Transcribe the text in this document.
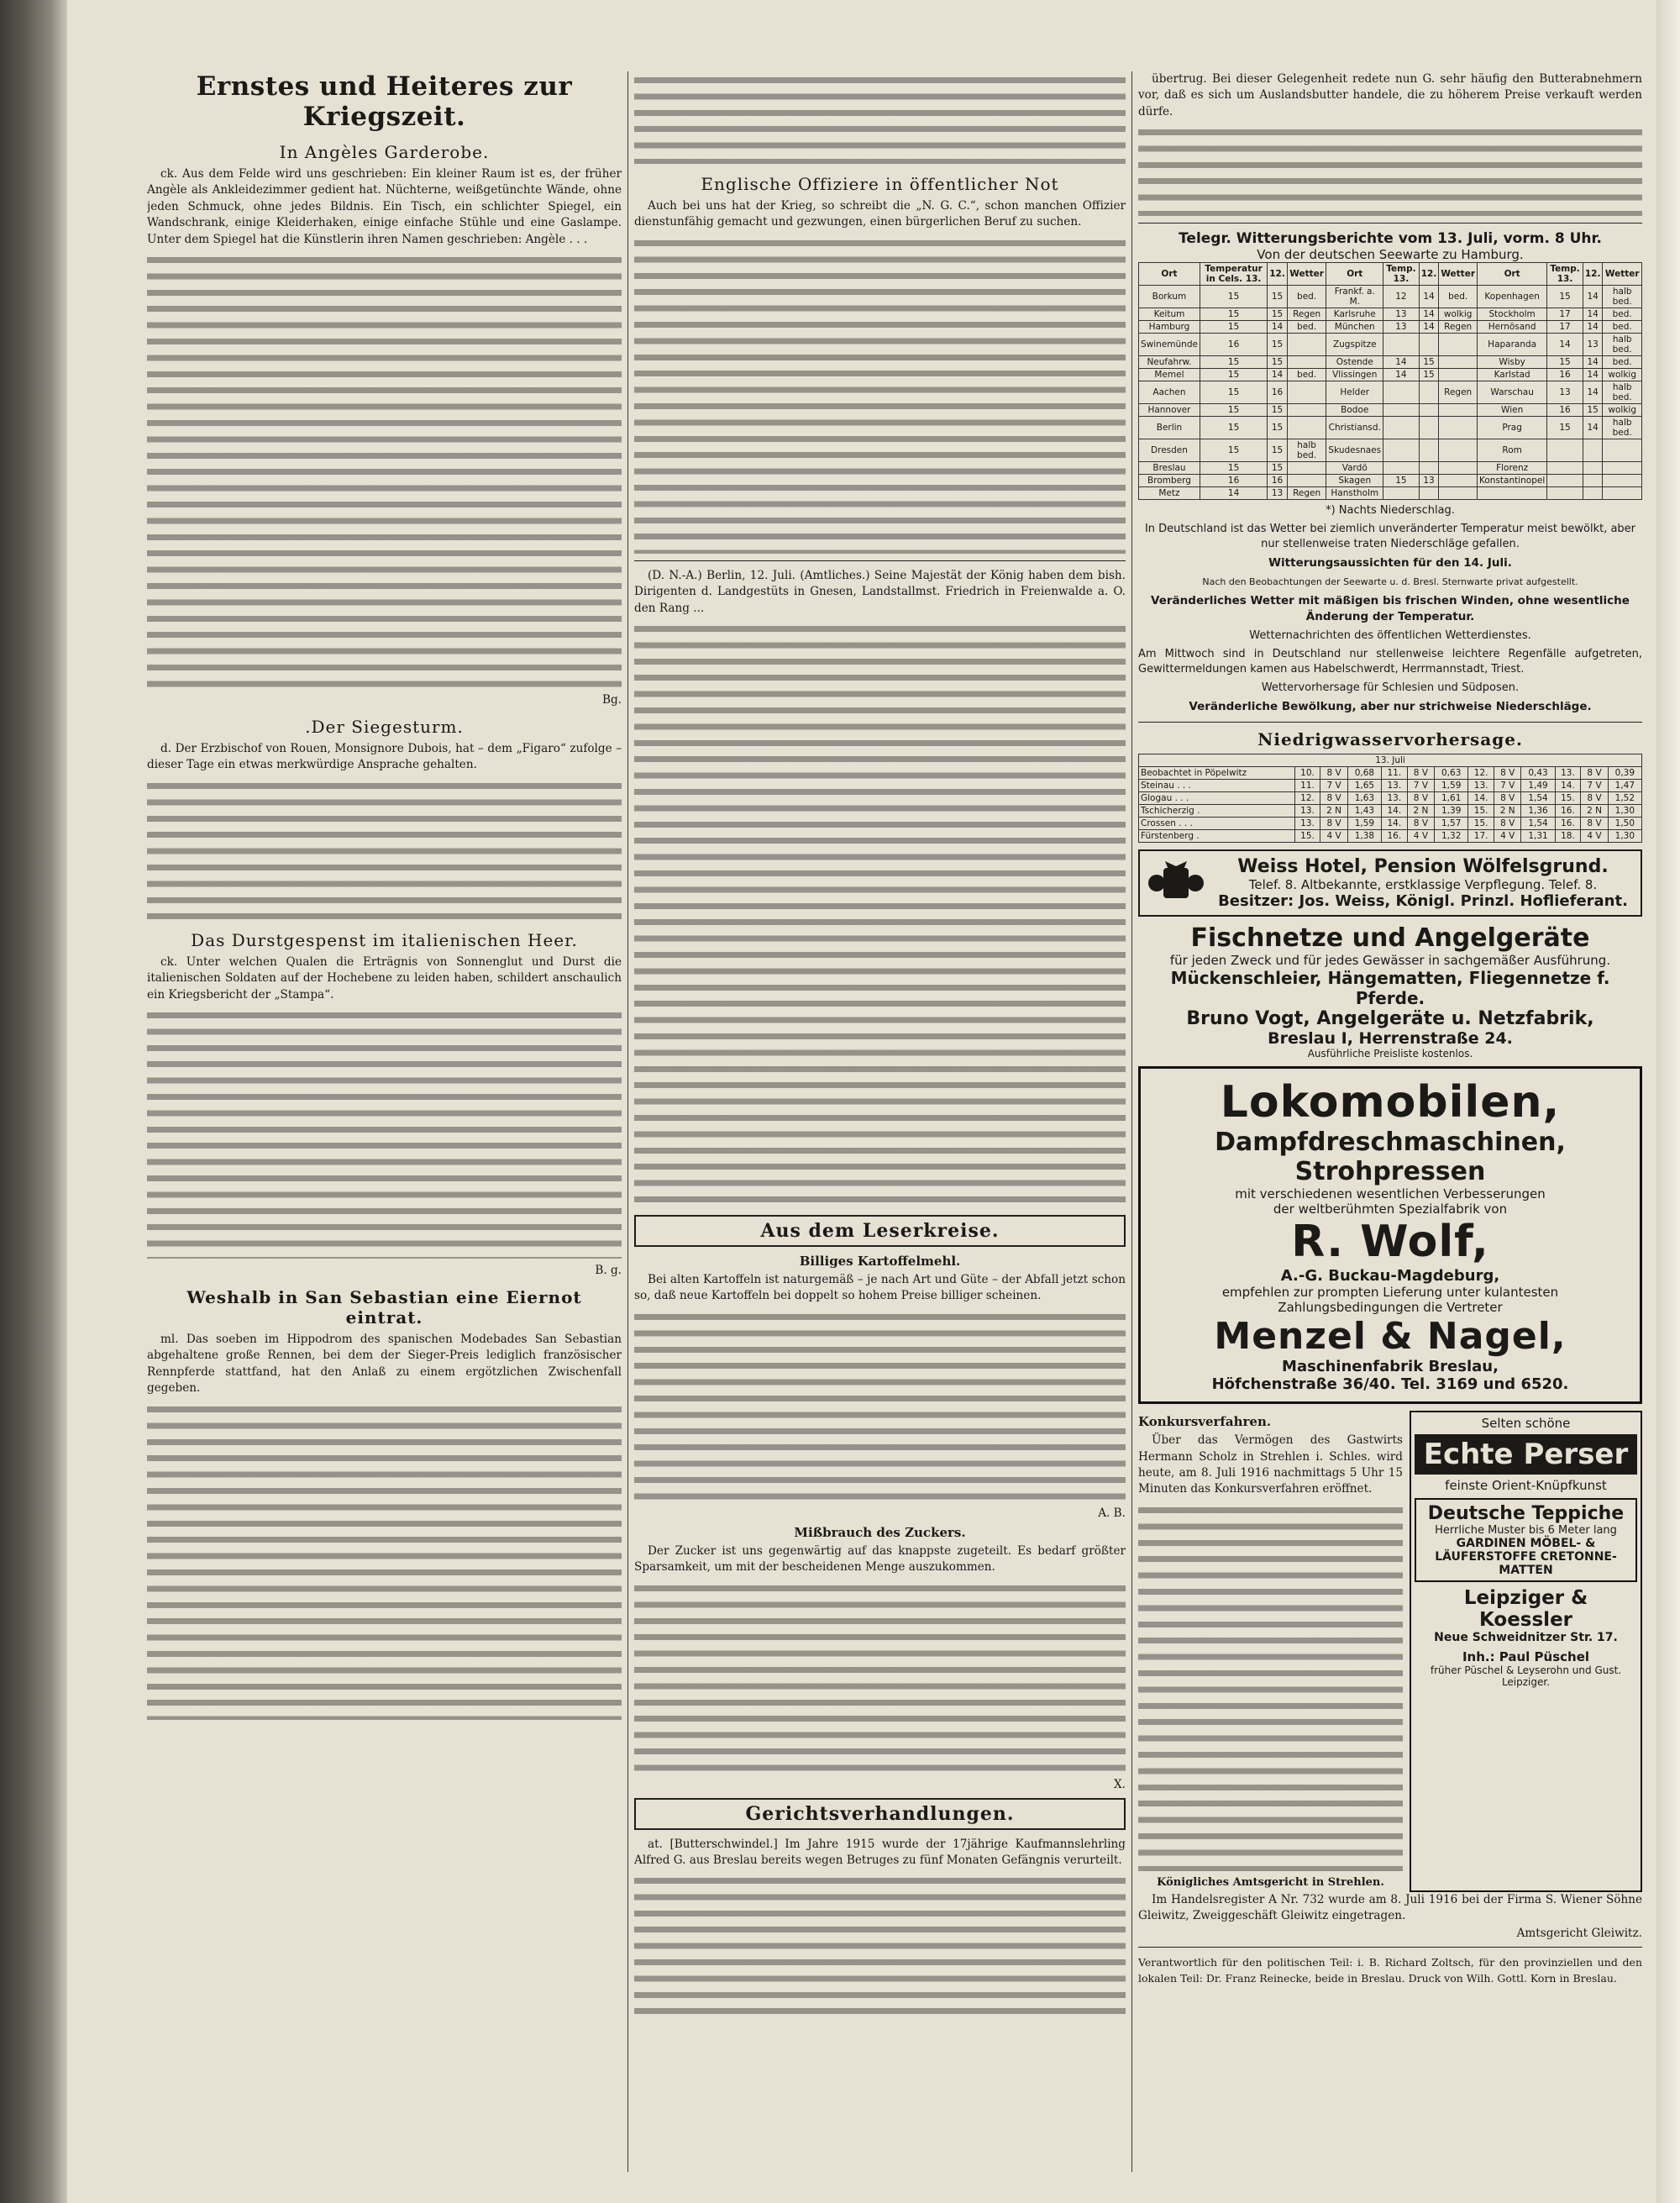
Ernstes und Heiteres zur Kriegszeit.
In Angèles Garderobe.

ck. Aus dem Felde wird uns geschrieben: Ein kleiner Raum ist es, der früher Angèle als Ankleidezimmer gedient hat. Nüchterne, weißgetünchte Wände, ohne jeden Schmuck, ohne jedes Bildnis. Ein Tisch, ein schlichter Spiegel, ein Wandschrank, einige Kleiderhaken, einige einfache Stühle und eine Gaslampe. Unter dem Spiegel hat die Künstlerin ihren Namen geschrieben: Angèle . . .

Bg.
.Der Siegesturm.

d. Der Erzbischof von Rouen, Monsignore Dubois, hat – dem „Figaro“ zufolge – dieser Tage ein etwas merkwürdige Ansprache gehalten.

Das Durstgespenst im italienischen Heer.

ck. Unter welchen Qualen die Erträgnis von Sonnenglut und Durst die italienischen Soldaten auf der Hochebene zu leiden haben, schildert anschaulich ein Kriegsbericht der „Stampa“.

B. g.
Weshalb in San Sebastian eine Eiernot eintrat.

ml. Das soeben im Hippodrom des spanischen Modebades San Sebastian abgehaltene große Rennen, bei dem der Sieger-Preis lediglich französischer Rennpferde stattfand, hat den Anlaß zu einem ergötzlichen Zwischenfall gegeben.

Englische Offiziere in öffentlicher Not

Auch bei uns hat der Krieg, so schreibt die „N. G. C.“, schon manchen Offizier dienstunfähig gemacht und gezwungen, einen bürgerlichen Beruf zu suchen.

(D. N.-A.) Berlin, 12. Juli. (Amtliches.) Seine Majestät der König haben dem bish. Dirigenten d. Landgestüts in Gnesen, Landstallmst. Friedrich in Freienwalde a. O. den Rang ...

Aus dem Leserkreise.
Billiges Kartoffelmehl.

Bei alten Kartoffeln ist naturgemäß – je nach Art und Güte – der Abfall jetzt schon so, daß neue Kartoffeln bei doppelt so hohem Preise billiger scheinen.

A. B.
Mißbrauch des Zuckers.

Der Zucker ist uns gegenwärtig auf das knappste zugeteilt. Es bedarf größter Sparsamkeit, um mit der bescheidenen Menge auszukommen.

X.
Gerichtsverhandlungen.

at. [Butterschwindel.] Im Jahre 1915 wurde der 17jährige Kaufmannslehrling Alfred G. aus Breslau bereits wegen Betruges zu fünf Monaten Gefängnis verurteilt.

übertrug. Bei dieser Gelegenheit redete nun G. sehr häufig den Butterabnehmern vor, daß es sich um Auslandsbutter handele, die zu höherem Preise verkauft werden dürfe.

Telegr. Witterungsberichte vom 13. Juli, vorm. 8 Uhr.
Von der deutschen Seewarte zu Hamburg.
Ort	Temperatur in Cels. 13.	12.	Wetter	Ort	Temp. 13.	12.	Wetter	Ort	Temp. 13.	12.	Wetter
Borkum	15	15	bed.	Frankf. a. M.	12	14	bed.	Kopenhagen	15	14	halb bed.
Keitum	15	15	Regen	Karlsruhe	13	14	wolkig	Stockholm	17	14	bed.
Hamburg	15	14	bed.	München	13	14	Regen	Hernösand	17	14	bed.
Swinemünde	16	15		Zugspitze				Haparanda	14	13	halb bed.
Neufahrw.	15	15		Ostende	14	15		Wisby	15	14	bed.
Memel	15	14	bed.	Vlissingen	14	15		Karlstad	16	14	wolkig
Aachen	15	16		Helder			Regen	Warschau	13	14	halb bed.
Hannover	15	15		Bodoe				Wien	16	15	wolkig
Berlin	15	15		Christiansd.				Prag	15	14	halb bed.
Dresden	15	15	halb bed.	Skudesnaes				Rom			
Breslau	15	15		Vardö				Florenz			
Bromberg	16	16		Skagen	15	13		Konstantinopel			
Metz	14	13	Regen	Hanstholm							
*) Nachts Niederschlag.
In Deutschland ist das Wetter bei ziemlich unveränderter Temperatur meist bewölkt, aber nur stellenweise traten Niederschläge gefallen.
Witterungsaussichten für den 14. Juli.
Nach den Beobachtungen der Seewarte u. d. Bresl. Sternwarte privat aufgestellt.
Veränderliches Wetter mit mäßigen bis frischen Winden, ohne wesentliche Änderung der Temperatur.
Wetternachrichten des öffentlichen Wetterdienstes.
Am Mittwoch sind in Deutschland nur stellenweise leichtere Regenfälle aufgetreten, Gewittermeldungen kamen aus Habelschwerdt, Herrmannstadt, Triest.
Wettervorhersage für Schlesien und Südposen.
Veränderliche Bewölkung, aber nur strichweise Niederschläge.
Niedrigwasservorhersage.
13. Juli												
Beobachtet in Pöpelwitz	10.	8 V	0,68	11.	8 V	0,63	12.	8 V	0,43	13.	8 V	0,39
Steinau . . .	11.	7 V	1,65	13.	7 V	1,59	13.	7 V	1,49	14.	7 V	1,47
Glogau . . .	12.	8 V	1,63	13.	8 V	1,61	14.	8 V	1,54	15.	8 V	1,52
Tschicherzig .	13.	2 N	1,43	14.	2 N	1,39	15.	2 N	1,36	16.	2 N	1,30
Crossen . . .	13.	8 V	1,59	14.	8 V	1,57	15.	8 V	1,54	16.	8 V	1,50
Fürstenberg .	15.	4 V	1,38	16.	4 V	1,32	17.	4 V	1,31	18.	4 V	1,30
Weiss Hotel, Pension Wölfelsgrund.
Telef. 8. Altbekannte, erstklassige Verpflegung. Telef. 8.
Besitzer: Jos. Weiss, Königl. Prinzl. Hoflieferant.
Fischnetze und Angelgeräte
für jeden Zweck und für jedes Gewässer in sachgemäßer Ausführung.
Mückenschleier, Hängematten, Fliegennetze f. Pferde.
Bruno Vogt, Angelgeräte u. Netzfabrik,
Breslau I, Herrenstraße 24.
Ausführliche Preisliste kostenlos.
Lokomobilen,
Dampfdreschmaschinen,
Strohpressen
mit verschiedenen wesentlichen Verbesserungen
der weltberühmten Spezialfabrik von
R. Wolf,
A.-G. Buckau-Magdeburg,
empfehlen zur prompten Lieferung unter kulantesten Zahlungsbedingungen die Vertreter
Menzel & Nagel,
Maschinenfabrik Breslau,
Höfchenstraße 36/40. Tel. 3169 und 6520.
Konkursverfahren.

Über das Vermögen des Gastwirts Hermann Scholz in Strehlen i. Schles. wird heute, am 8. Juli 1916 nachmittags 5 Uhr 15 Minuten das Konkursverfahren eröffnet.

Königliches Amtsgericht in Strehlen.
Selten schöne
Echte Perser
feinste Orient-Knüpfkunst
Deutsche Teppiche
Herrliche Muster bis 6 Meter lang
GARDINEN MÖBEL- & LÄUFERSTOFFE CRETONNE-MATTEN
Leipziger & Koessler
Neue Schweidnitzer Str. 17.
Inh.: Paul Püschel
früher Püschel & Leyserohn und Gust. Leipziger.

Im Handelsregister A Nr. 732 wurde am 8. Juli 1916 bei der Firma S. Wiener Söhne Gleiwitz, Zweiggeschäft Gleiwitz eingetragen.

Amtsgericht Gleiwitz.

Verantwortlich für den politischen Teil: i. B. Richard Zoltsch, für den provinziellen und den lokalen Teil: Dr. Franz Reinecke, beide in Breslau. Druck von Wilh. Gottl. Korn in Breslau.
